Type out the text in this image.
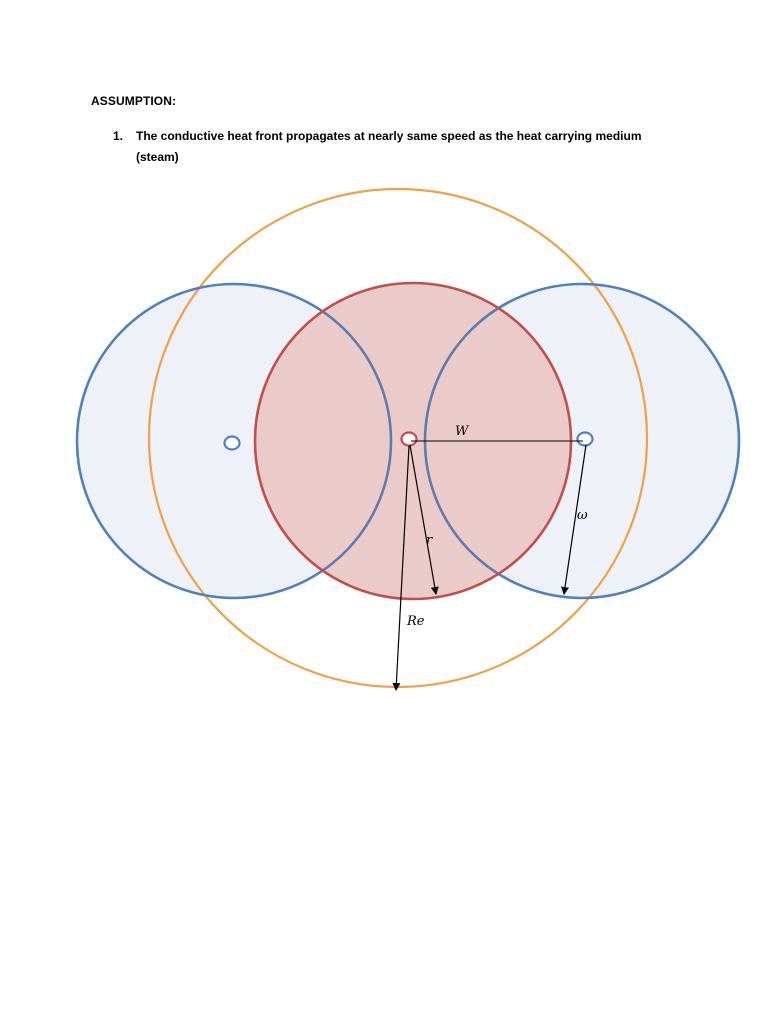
ASSUMPTION:
1. The conductive heat front propagates at nearly same speed as the heat carrying medium (steam)
W
r
Re
ω
